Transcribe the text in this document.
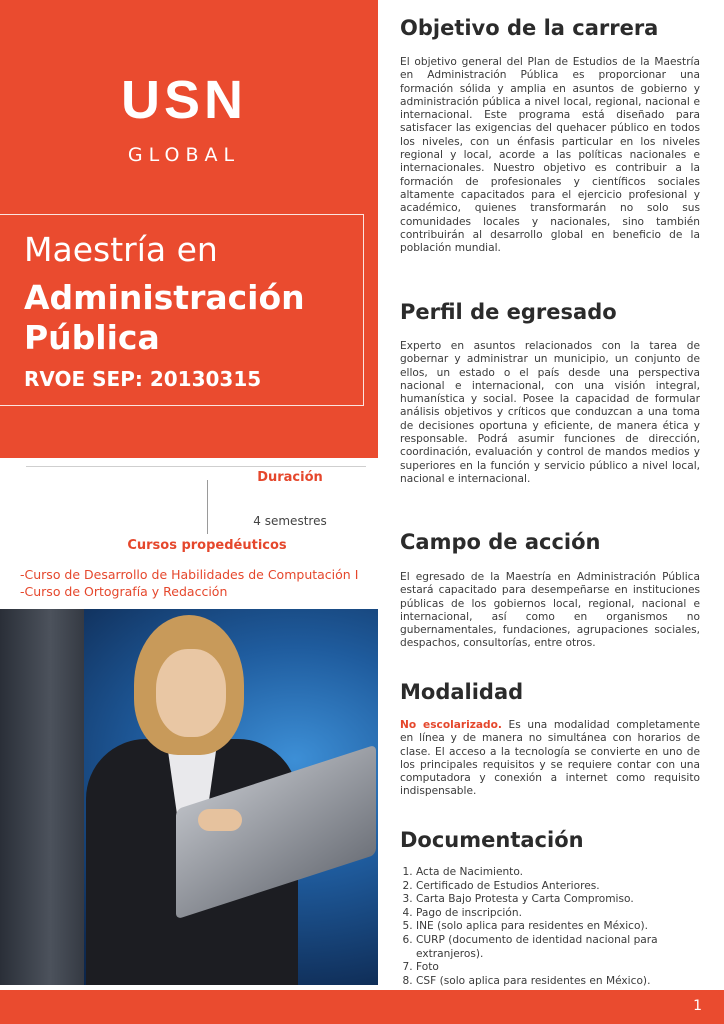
USN
GLOBAL
Maestría en
Administración
Pública
RVOE SEP: 20130315
Duración
4 semestres
Cursos propedéuticos
-Curso de Desarrollo de Habilidades de Computación I
-Curso de Ortografía y Redacción
Objetivo de la carrera
El objetivo general del Plan de Estudios de la Maestría en Administración Pública es proporcionar una formación sólida y amplia en asuntos de gobierno y administración pública a nivel local, regional, nacional e internacional. Este programa está diseñado para satisfacer las exigencias del quehacer público en todos los niveles, con un énfasis particular en los niveles regional y local, acorde a las políticas nacionales e internacionales. Nuestro objetivo es contribuir a la formación de profesionales y científicos sociales altamente capacitados para el ejercicio profesional y académico, quienes transformarán no solo sus comunidades locales y nacionales, sino también contribuirán al desarrollo global en beneficio de la población mundial.
Perfil de egresado
Experto en asuntos relacionados con la tarea de gobernar y administrar un municipio, un conjunto de ellos, un estado o el país desde una perspectiva nacional e internacional, con una visión integral, humanística y social. Posee la capacidad de formular análisis objetivos y críticos que conduzcan a una toma de decisiones oportuna y eficiente, de manera ética y responsable. Podrá asumir funciones de dirección, coordinación, evaluación y control de mandos medios y superiores en la función y servicio público a nivel local, nacional e internacional.
Campo de acción
El egresado de la Maestría en Administración Pública estará capacitado para desempeñarse en instituciones públicas de los gobiernos local, regional, nacional e internacional, así como en organismos no gubernamentales, fundaciones, agrupaciones sociales, despachos, consultorías, entre otros.
Modalidad
No escolarizado. Es una modalidad completamente en línea y de manera no simultánea con horarios de clase. El acceso a la tecnología se convierte en uno de los principales requisitos y se requiere contar con una computadora y conexión a internet como requisito indispensable.
Documentación
1. Acta de Nacimiento.
2. Certificado de Estudios Anteriores.
3. Carta Bajo Protesta y Carta Compromiso.
4. Pago de inscripción.
5. INE (solo aplica para residentes en México).
6. CURP (documento de identidad nacional para extranjeros).
7. Foto
8. CSF (solo aplica para residentes en México).
1
